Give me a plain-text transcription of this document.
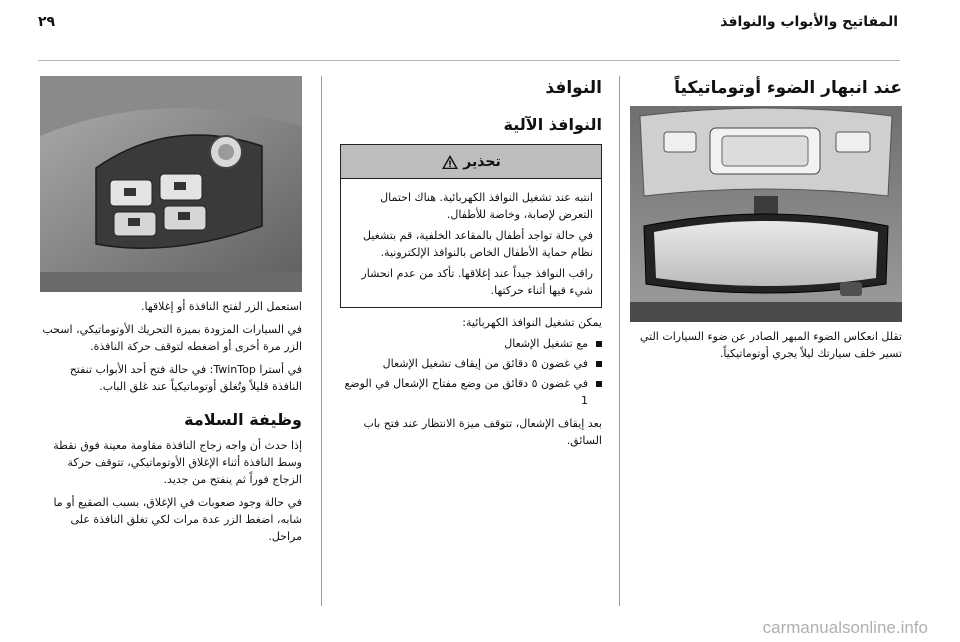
المفاتيح والأبواب والنوافذ
٢٩
عند انبهار الضوء أوتوماتيكياً
تقلل انعكاس الضوء المبهر الصادر عن ضوء السيارات التي تسير خلف سيارتك ليلاً يجري أوتوماتيكياً.
النوافذ
النوافذ الآلية
تحذير
انتبه عند تشغيل النوافذ الكهربائية. هناك احتمال التعرض لإصابة، وخاصة للأطفال.
في حالة تواجد أطفال بالمقاعد الخلفية، قم بتشغيل نظام حماية الأطفال الخاص بالنوافذ الإلكترونية.
راقب النوافذ جيداً عند إغلاقها. تأكد من عدم انحشار شيء فيها أثناء حركتها.
يمكن تشغيل النوافذ الكهربائية:
مع تشغيل الإشعال
في غضون ٥ دقائق من إيقاف تشغيل الإشعال
في غضون ٥ دقائق من وضع مفتاح الإشعال في الوضع 1
بعد إيقاف الإشعال، تتوقف ميزة الانتظار عند فتح باب السائق.
استعمل الزر لفتح النافذة أو إغلاقها.
في السيارات المزودة بميزة التحريك الأوتوماتيكي، اسحب الزر مرة أخرى أو اضغطه لتوقف حركة النافذة.
في أسترا TwinTop: في حالة فتح أحد الأبواب تنفتح النافذة قليلاً وتُغلق أوتوماتيكياً عند غلق الباب.
وظيفة السلامة
إذا حدث أن واجه زجاج النافذة مقاومة معينة فوق نقطة وسط النافذة أثناء الإغلاق الأوتوماتيكي، تتوقف حركة الزجاج فوراً ثم ينفتح من جديد.
في حالة وجود صعوبات في الإغلاق، بسبب الصقيع أو ما شابه، اضغط الزر عدة مرات لكي تغلق النافذة على مراحل.
carmanualsonline.info
